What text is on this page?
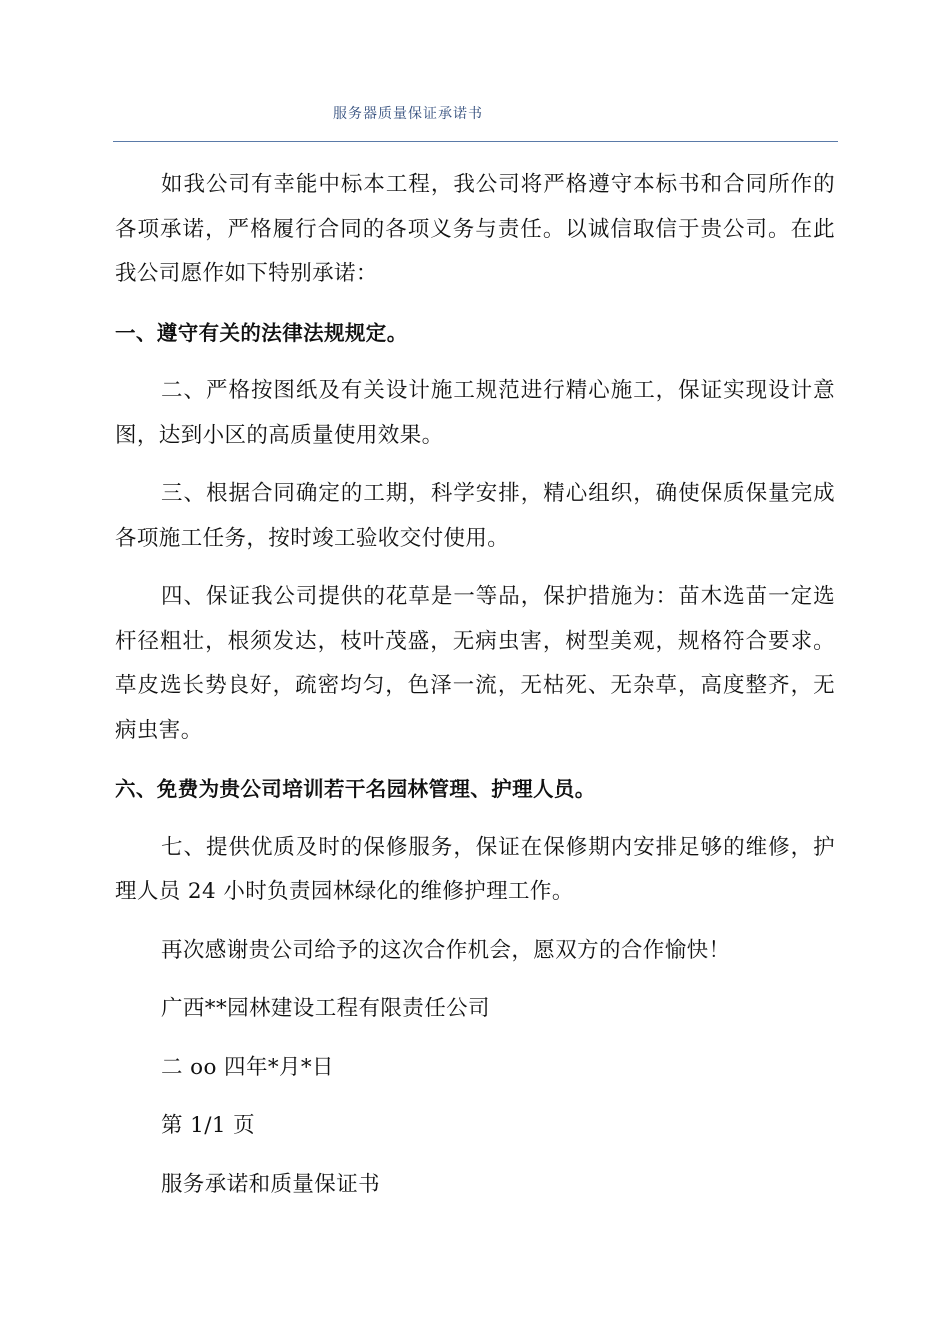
服务器质量保证承诺书

如我公司有幸能中标本工程，我公司将严格遵守本标书和合同所作的各项承诺，严格履行合同的各项义务与责任。以诚信取信于贵公司。在此我公司愿作如下特别承诺：

一、遵守有关的法律法规规定。

二、严格按图纸及有关设计施工规范进行精心施工，保证实现设计意图，达到小区的高质量使用效果。

三、根据合同确定的工期，科学安排，精心组织，确使保质保量完成各项施工任务，按时竣工验收交付使用。

四、保证我公司提供的花草是一等品，保护措施为：苗木选苗一定选杆径粗壮，根须发达，枝叶茂盛，无病虫害，树型美观，规格符合要求。草皮选长势良好，疏密均匀，色泽一流，无枯死、无杂草，高度整齐，无病虫害。

六、免费为贵公司培训若干名园林管理、护理人员。

七、提供优质及时的保修服务，保证在保修期内安排足够的维修，护理人员 24 小时负责园林绿化的维修护理工作。

再次感谢贵公司给予的这次合作机会，愿双方的合作愉快！

广西**园林建设工程有限责任公司

二 oo 四年*月*日

第 1/1 页

服务承诺和质量保证书
